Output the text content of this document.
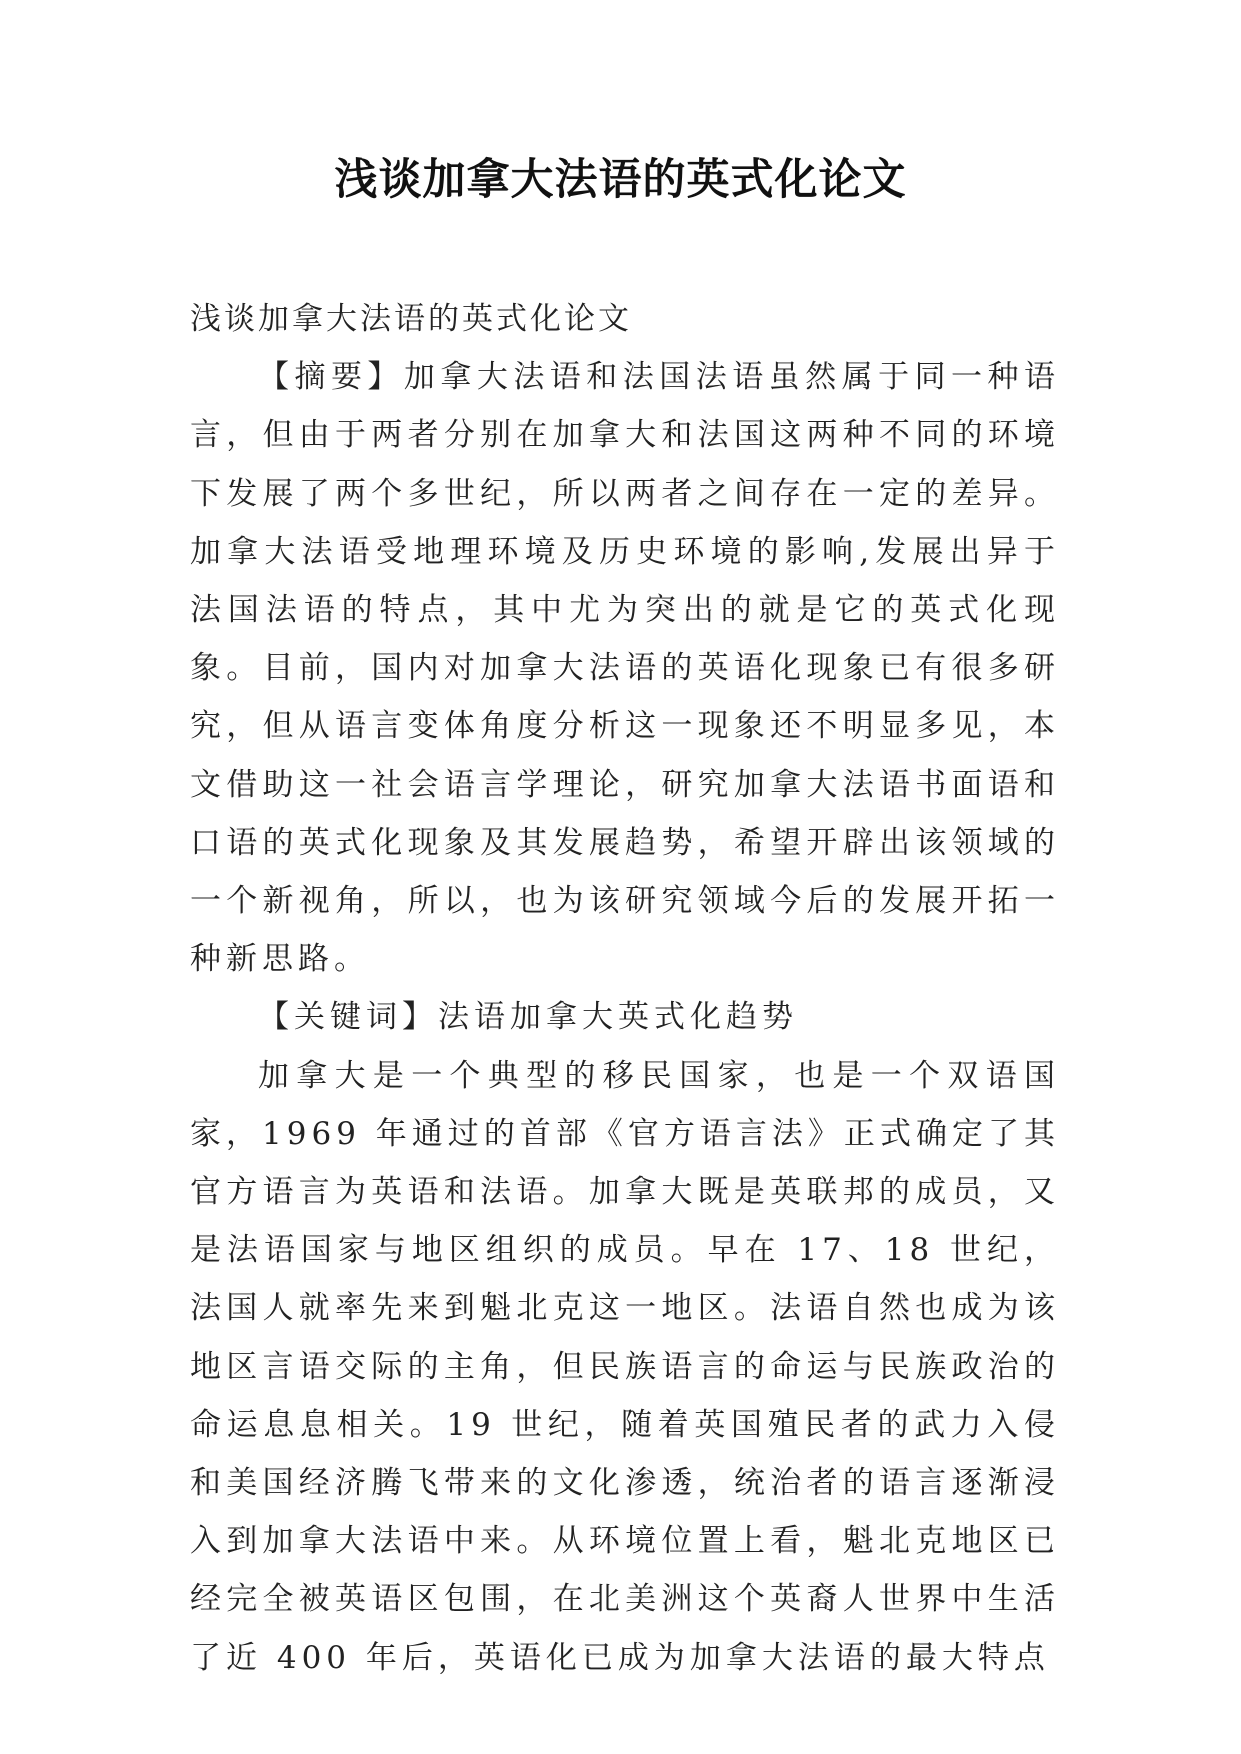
浅谈加拿大法语的英式化论文

浅谈加拿大法语的英式化论文

【摘要】加拿大法语和法国法语虽然属于同一种语言，但由于两者分别在加拿大和法国这两种不同的环境下发展了两个多世纪，所以两者之间存在一定的差异。加拿大法语受地理环境及历史环境的影响,发展出异于法国法语的特点，其中尤为突出的就是它的英式化现象。目前，国内对加拿大法语的英语化现象已有很多研究，但从语言变体角度分析这一现象还不明显多见，本文借助这一社会语言学理论，研究加拿大法语书面语和口语的英式化现象及其发展趋势，希望开辟出该领域的一个新视角，所以，也为该研究领域今后的发展开拓一种新思路。

【关键词】法语加拿大英式化趋势

加拿大是一个典型的移民国家，也是一个双语国家，1969 年通过的首部《官方语言法》正式确定了其官方语言为英语和法语。加拿大既是英联邦的成员，又是法语国家与地区组织的成员。早在 17、18 世纪，法国人就率先来到魁北克这一地区。法语自然也成为该地区言语交际的主角，但民族语言的命运与民族政治的命运息息相关。19 世纪，随着英国殖民者的武力入侵和美国经济腾飞带来的文化渗透，统治者的语言逐渐浸入到加拿大法语中来。从环境位置上看，魁北克地区已经完全被英语区包围，在北美洲这个英裔人世界中生活了近 400 年后，英语化已成为加拿大法语的最大特点
